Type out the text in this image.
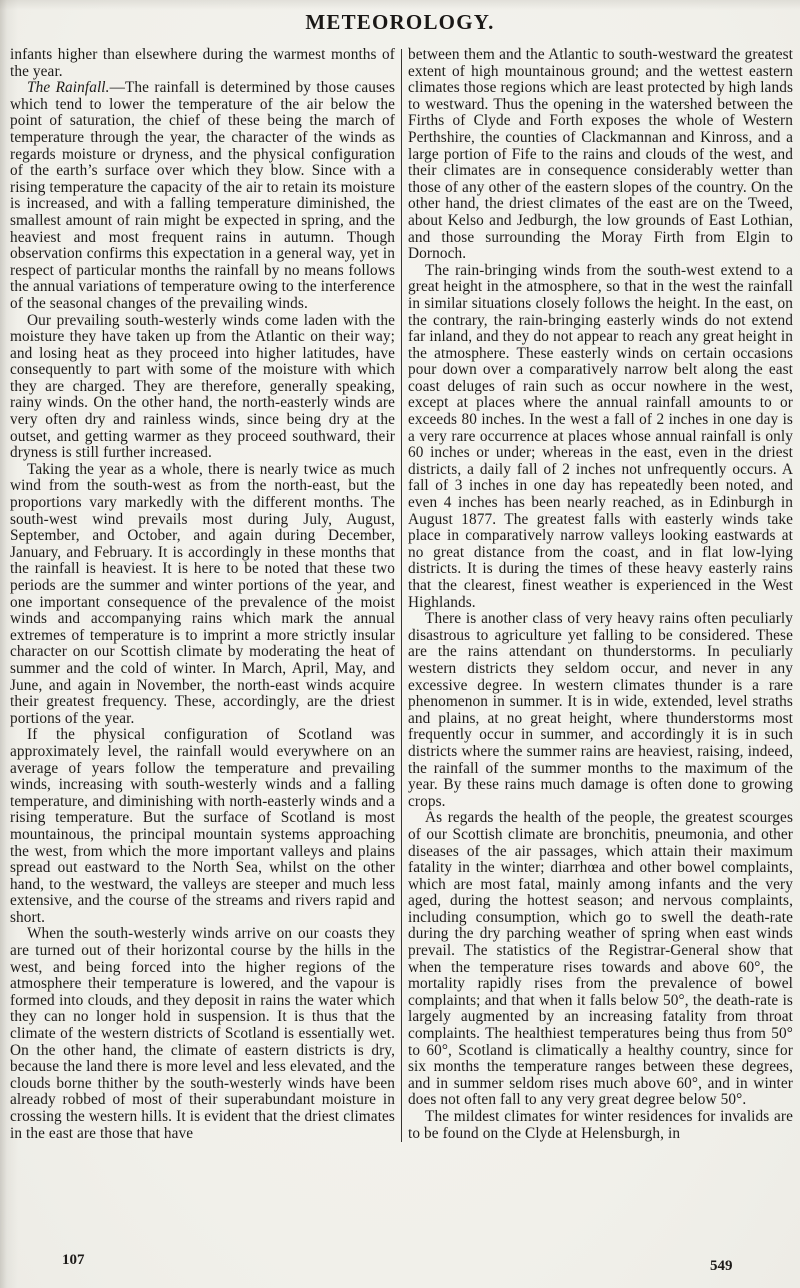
METEOROLOGY.

infants higher than elsewhere during the warmest months of the year.

The Rainfall.—The rainfall is determined by those causes which tend to lower the temperature of the air below the point of saturation, the chief of these being the march of temperature through the year, the character of the winds as regards moisture or dryness, and the physical configuration of the earth’s surface over which they blow. Since with a rising temperature the capacity of the air to retain its moisture is increased, and with a falling temperature diminished, the smallest amount of rain might be expected in spring, and the heaviest and most frequent rains in autumn. Though observation confirms this expectation in a general way, yet in respect of particular months the rainfall by no means follows the annual variations of temperature owing to the interference of the seasonal changes of the prevailing winds.

Our prevailing south-westerly winds come laden with the moisture they have taken up from the Atlantic on their way; and losing heat as they proceed into higher latitudes, have consequently to part with some of the moisture with which they are charged. They are therefore, generally speaking, rainy winds. On the other hand, the north-easterly winds are very often dry and rainless winds, since being dry at the outset, and getting warmer as they proceed southward, their dryness is still further increased.

Taking the year as a whole, there is nearly twice as much wind from the south-west as from the north-east, but the proportions vary markedly with the different months. The south-west wind prevails most during July, August, September, and October, and again during December, January, and February. It is accordingly in these months that the rainfall is heaviest. It is here to be noted that these two periods are the summer and winter portions of the year, and one important consequence of the prevalence of the moist winds and accompanying rains which mark the annual extremes of temperature is to imprint a more strictly insular character on our Scottish climate by moderating the heat of summer and the cold of winter. In March, April, May, and June, and again in November, the north-east winds acquire their greatest frequency. These, accordingly, are the driest portions of the year.

If the physical configuration of Scotland was approximately level, the rainfall would everywhere on an average of years follow the temperature and prevailing winds, increasing with south-westerly winds and a falling temperature, and diminishing with north-easterly winds and a rising temperature. But the surface of Scotland is most mountainous, the principal mountain systems approaching the west, from which the more important valleys and plains spread out eastward to the North Sea, whilst on the other hand, to the westward, the valleys are steeper and much less extensive, and the course of the streams and rivers rapid and short.

When the south-westerly winds arrive on our coasts they are turned out of their horizontal course by the hills in the west, and being forced into the higher regions of the atmosphere their temperature is lowered, and the vapour is formed into clouds, and they deposit in rains the water which they can no longer hold in suspension. It is thus that the climate of the western districts of Scotland is essentially wet. On the other hand, the climate of eastern districts is dry, because the land there is more level and less elevated, and the clouds borne thither by the south-westerly winds have been already robbed of most of their superabundant moisture in crossing the western hills. It is evident that the driest climates in the east are those that have

between them and the Atlantic to south-westward the greatest extent of high mountainous ground; and the wettest eastern climates those regions which are least protected by high lands to westward. Thus the opening in the watershed between the Firths of Clyde and Forth exposes the whole of Western Perthshire, the counties of Clackmannan and Kinross, and a large portion of Fife to the rains and clouds of the west, and their climates are in consequence considerably wetter than those of any other of the eastern slopes of the country. On the other hand, the driest climates of the east are on the Tweed, about Kelso and Jedburgh, the low grounds of East Lothian, and those surrounding the Moray Firth from Elgin to Dornoch.

The rain-bringing winds from the south-west extend to a great height in the atmosphere, so that in the west the rainfall in similar situations closely follows the height. In the east, on the contrary, the rain-bringing easterly winds do not extend far inland, and they do not appear to reach any great height in the atmosphere. These easterly winds on certain occasions pour down over a comparatively narrow belt along the east coast deluges of rain such as occur nowhere in the west, except at places where the annual rainfall amounts to or exceeds 80 inches. In the west a fall of 2 inches in one day is a very rare occurrence at places whose annual rainfall is only 60 inches or under; whereas in the east, even in the driest districts, a daily fall of 2 inches not unfrequently occurs. A fall of 3 inches in one day has repeatedly been noted, and even 4 inches has been nearly reached, as in Edinburgh in August 1877. The greatest falls with easterly winds take place in comparatively narrow valleys looking eastwards at no great distance from the coast, and in flat low-lying districts. It is during the times of these heavy easterly rains that the clearest, finest weather is experienced in the West Highlands.

There is another class of very heavy rains often peculiarly disastrous to agriculture yet falling to be considered. These are the rains attendant on thunderstorms. In peculiarly western districts they seldom occur, and never in any excessive degree. In western climates thunder is a rare phenomenon in summer. It is in wide, extended, level straths and plains, at no great height, where thunderstorms most frequently occur in summer, and accordingly it is in such districts where the summer rains are heaviest, raising, indeed, the rainfall of the summer months to the maximum of the year. By these rains much damage is often done to growing crops.

As regards the health of the people, the greatest scourges of our Scottish climate are bronchitis, pneumonia, and other diseases of the air passages, which attain their maximum fatality in the winter; diarrhœa and other bowel complaints, which are most fatal, mainly among infants and the very aged, during the hottest season; and nervous complaints, including consumption, which go to swell the death-rate during the dry parching weather of spring when east winds prevail. The statistics of the Registrar-General show that when the temperature rises towards and above 60°, the mortality rapidly rises from the prevalence of bowel complaints; and that when it falls below 50°, the death-rate is largely augmented by an increasing fatality from throat complaints. The healthiest temperatures being thus from 50° to 60°, Scotland is climatically a healthy country, since for six months the temperature ranges between these degrees, and in summer seldom rises much above 60°, and in winter does not often fall to any very great degree below 50°.

The mildest climates for winter residences for invalids are to be found on the Clyde at Helensburgh, in

107	549
